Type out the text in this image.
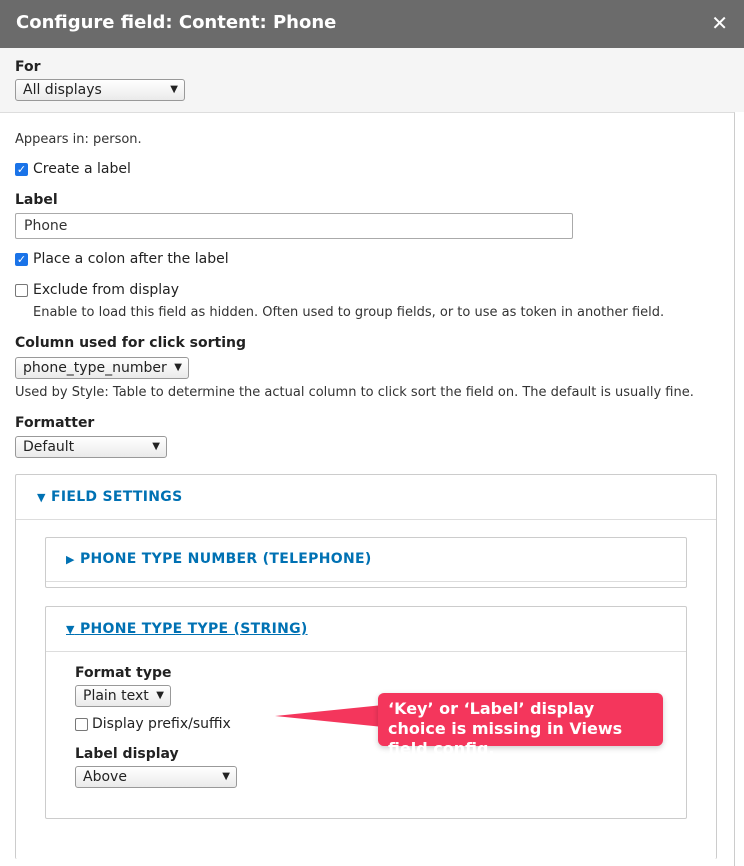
Configure field: Content: Phone	✕
For
All displays	▼
Appears in: person.
✓ Create a label
Label
Phone
✓ Place a colon after the label
Exclude from display
Enable to load this field as hidden. Often used to group fields, or to use as token in another field.
Column used for click sorting
phone_type_number ▼
Used by Style: Table to determine the actual column to click sort the field on. The default is usually fine.
Formatter
Default	▼
▼ FIELD SETTINGS
▶ PHONE TYPE NUMBER (TELEPHONE)
▼ PHONE TYPE TYPE (STRING)
Format type
Plain text ▼
Display prefix/suffix
Label display
Above	▼
‘Key’ or ‘Label’ display choice is missing in Views field config.
